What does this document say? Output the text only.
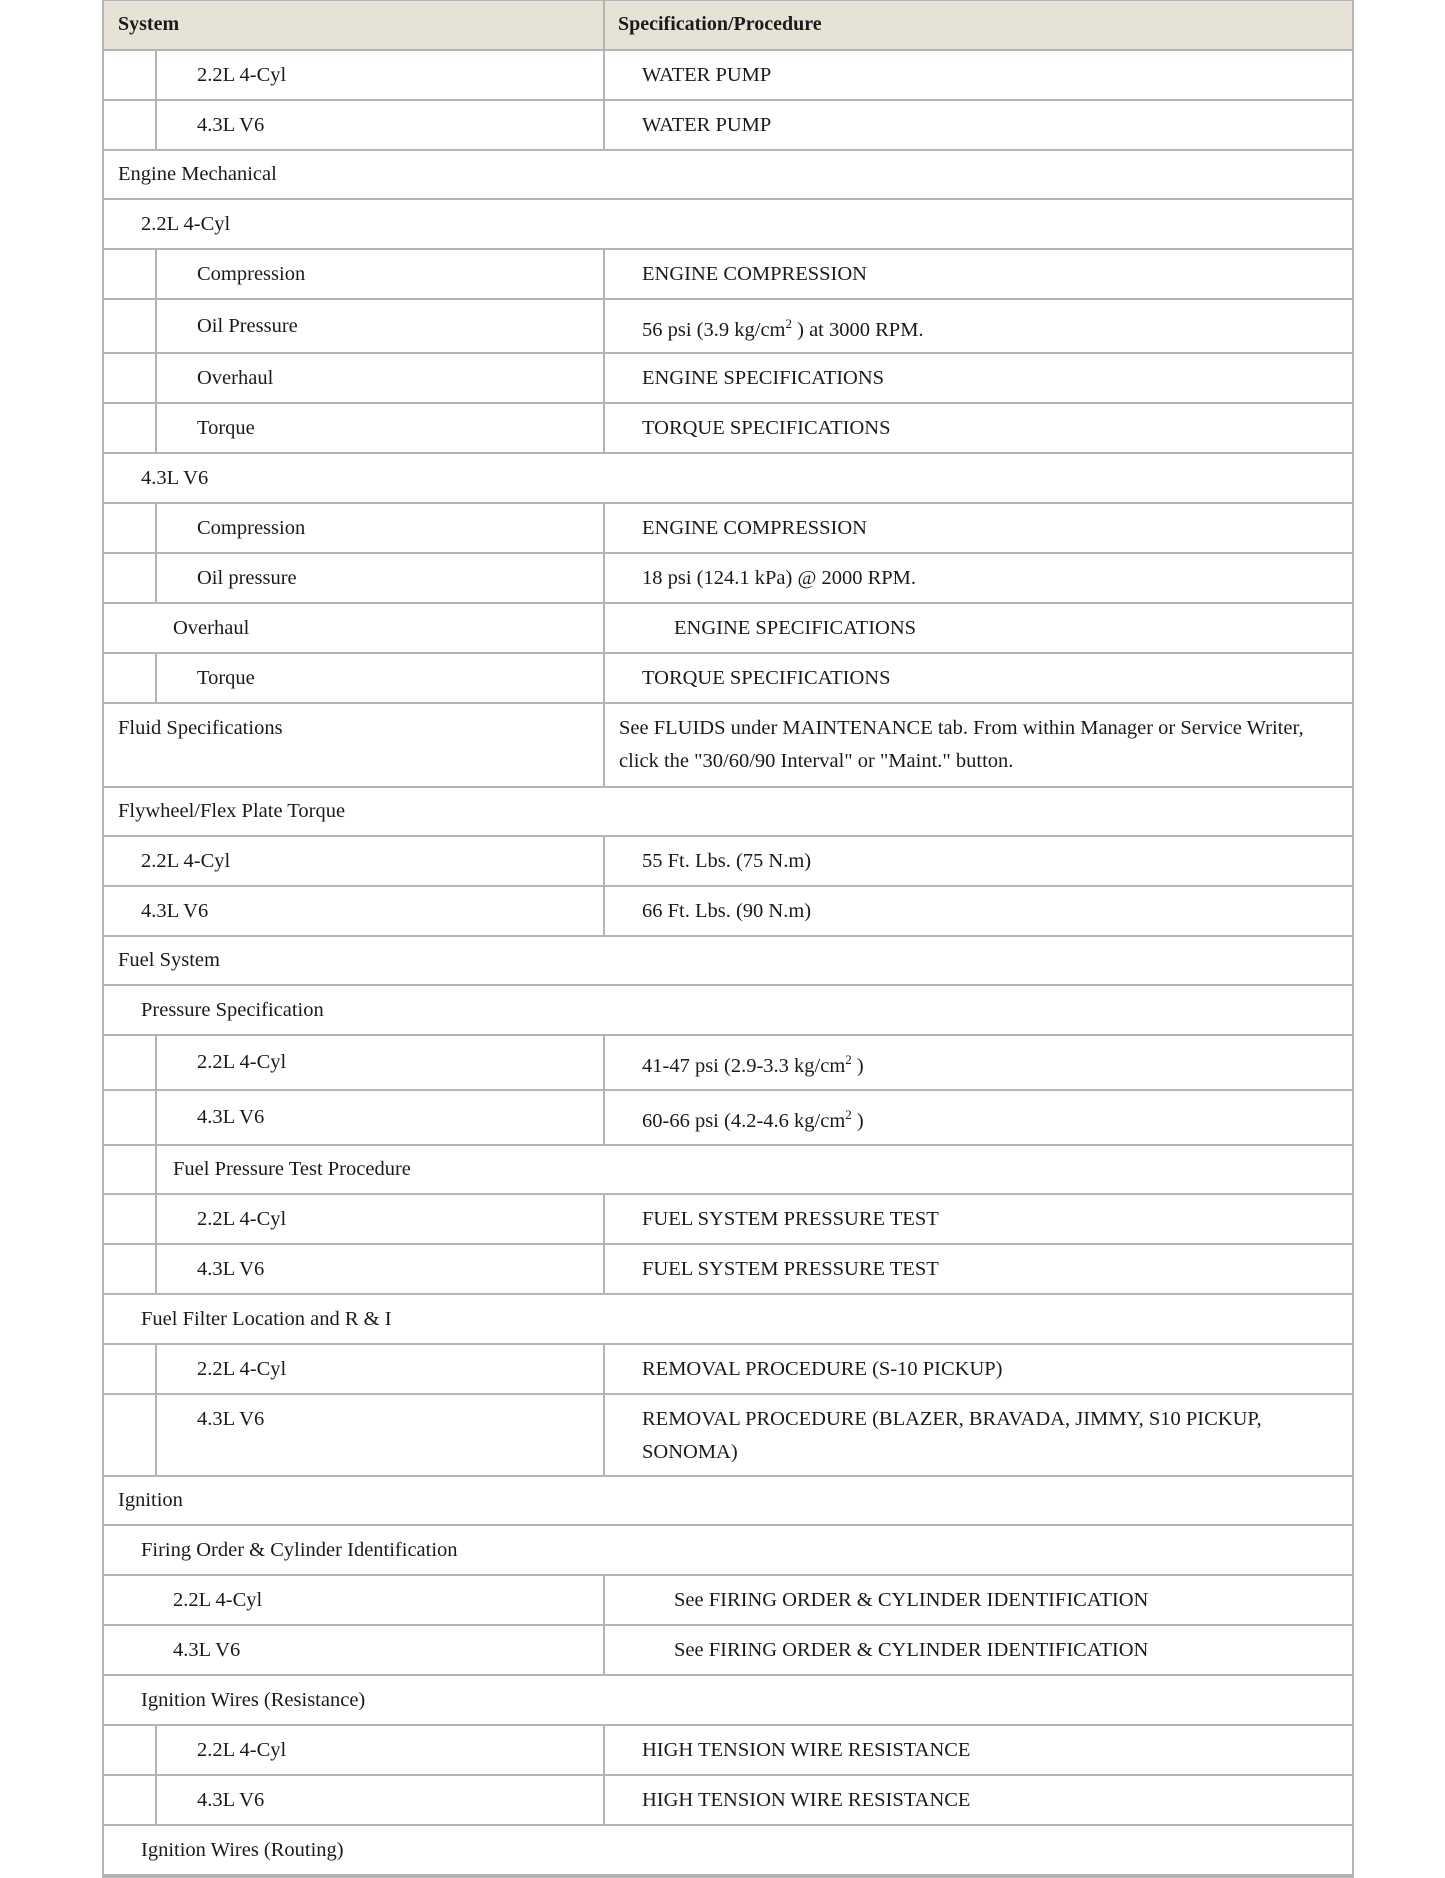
System	Specification/Procedure
2.2L 4-Cyl	WATER PUMP
4.3L V6	WATER PUMP
Engine Mechanical
2.2L 4-Cyl
Compression	ENGINE COMPRESSION
Oil Pressure	56 psi (3.9 $kg/cm^2$ ) at 3000 RPM.
Overhaul	ENGINE SPECIFICATIONS
Torque	TORQUE SPECIFICATIONS
4.3L V6
Compression	ENGINE COMPRESSION
Oil pressure	18 psi (124.1 kPa) @ 2000 RPM.
Overhaul	ENGINE SPECIFICATIONS
Torque	TORQUE SPECIFICATIONS
Fluid Specifications	See FLUIDS under MAINTENANCE tab. From within Manager or Service Writer, click the "30/60/90 Interval" or "Maint." button.
Flywheel/Flex Plate Torque
2.2L 4-Cyl	55 Ft. Lbs. (75 N.m)
4.3L V6	66 Ft. Lbs. (90 N.m)
Fuel System
Pressure Specification
2.2L 4-Cyl	41-47 psi (2.9-3.3 $kg/cm^2$ )
4.3L V6	60-66 psi (4.2-4.6 $kg/cm^2$ )
Fuel Pressure Test Procedure
2.2L 4-Cyl	FUEL SYSTEM PRESSURE TEST
4.3L V6	FUEL SYSTEM PRESSURE TEST
Fuel Filter Location and R & I
2.2L 4-Cyl	REMOVAL PROCEDURE (S-10 PICKUP)
4.3L V6	REMOVAL PROCEDURE (BLAZER, BRAVADA, JIMMY, S10 PICKUP, SONOMA)
Ignition
Firing Order & Cylinder Identification
2.2L 4-Cyl	See FIRING ORDER & CYLINDER IDENTIFICATION
4.3L V6	See FIRING ORDER & CYLINDER IDENTIFICATION
Ignition Wires (Resistance)
2.2L 4-Cyl	HIGH TENSION WIRE RESISTANCE
4.3L V6	HIGH TENSION WIRE RESISTANCE
Ignition Wires (Routing)
